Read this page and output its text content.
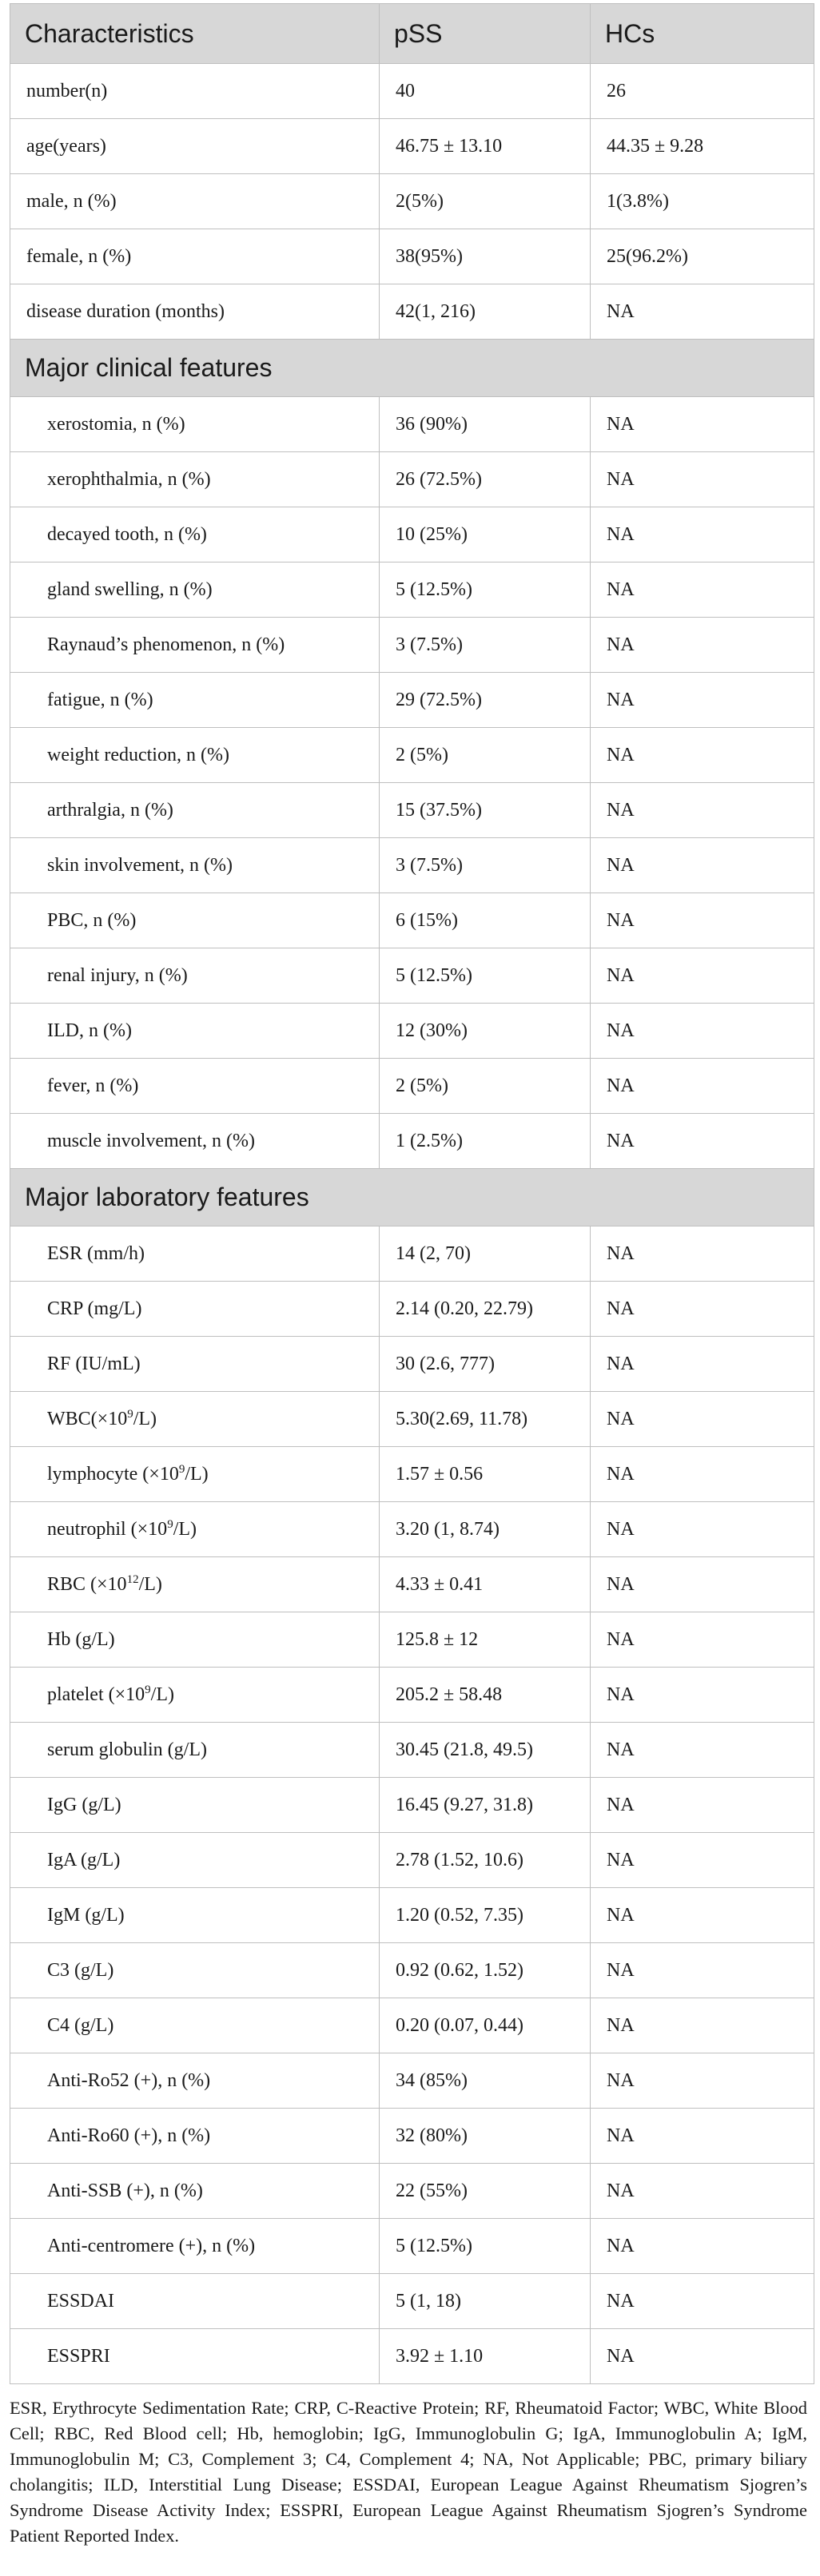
Characteristics	pSS	HCs
number(n)	40	26
age(years)	46.75 ± 13.10	44.35 ± 9.28
male, n (%)	2(5%)	1(3.8%)
female, n (%)	38(95%)	25(96.2%)
disease duration (months)	42(1, 216)	NA
Major clinical features		
xerostomia, n (%)	36 (90%)	NA
xerophthalmia, n (%)	26 (72.5%)	NA
decayed tooth, n (%)	10 (25%)	NA
gland swelling, n (%)	5 (12.5%)	NA
Raynaud’s phenomenon, n (%)	3 (7.5%)	NA
fatigue, n (%)	29 (72.5%)	NA
weight reduction, n (%)	2 (5%)	NA
arthralgia, n (%)	15 (37.5%)	NA
skin involvement, n (%)	3 (7.5%)	NA
PBC, n (%)	6 (15%)	NA
renal injury, n (%)	5 (12.5%)	NA
ILD, n (%)	12 (30%)	NA
fever, n (%)	2 (5%)	NA
muscle involvement, n (%)	1 (2.5%)	NA
Major laboratory features		
ESR (mm/h)	14 (2, 70)	NA
CRP (mg/L)	2.14 (0.20, 22.79)	NA
RF (IU/mL)	30 (2.6, 777)	NA
$WBC(\times 10^9/L)$	5.30(2.69, 11.78)	NA
lymphocyte $(\times 10^9/L)$	1.57 ± 0.56	NA
neutrophil $(\times 10^9/L)$	3.20 (1, 8.74)	NA
RBC $(\times 10^{12}/L)$	4.33 ± 0.41	NA
Hb (g/L)	125.8 ± 12	NA
platelet $(\times 10^9/L)$	205.2 ± 58.48	NA
serum globulin (g/L)	30.45 (21.8, 49.5)	NA
IgG (g/L)	16.45 (9.27, 31.8)	NA
IgA (g/L)	2.78 (1.52, 10.6)	NA
IgM (g/L)	1.20 (0.52, 7.35)	NA
C3 (g/L)	0.92 (0.62, 1.52)	NA
C4 (g/L)	0.20 (0.07, 0.44)	NA
Anti-Ro52 (+), n (%)	34 (85%)	NA
Anti-Ro60 (+), n (%)	32 (80%)	NA
Anti-SSB (+), n (%)	22 (55%)	NA
Anti-centromere (+), n (%)	5 (12.5%)	NA
ESSDAI	5 (1, 18)	NA
ESSPRI	3.92 ± 1.10	NA
ESR, Erythrocyte Sedimentation Rate; CRP, C-Reactive Protein; RF, Rheumatoid Factor; WBC, White Blood Cell; RBC, Red Blood cell; Hb, hemoglobin; IgG, Immunoglobulin G; IgA, Immunoglobulin A; IgM, Immunoglobulin M; C3, Complement 3; C4, Complement 4; NA, Not Applicable; PBC, primary biliary cholangitis; ILD, Interstitial Lung Disease; ESSDAI, European League Against Rheumatism Sjogren’s Syndrome Disease Activity Index; ESSPRI, European League Against Rheumatism Sjogren’s Syndrome Patient Reported Index.
